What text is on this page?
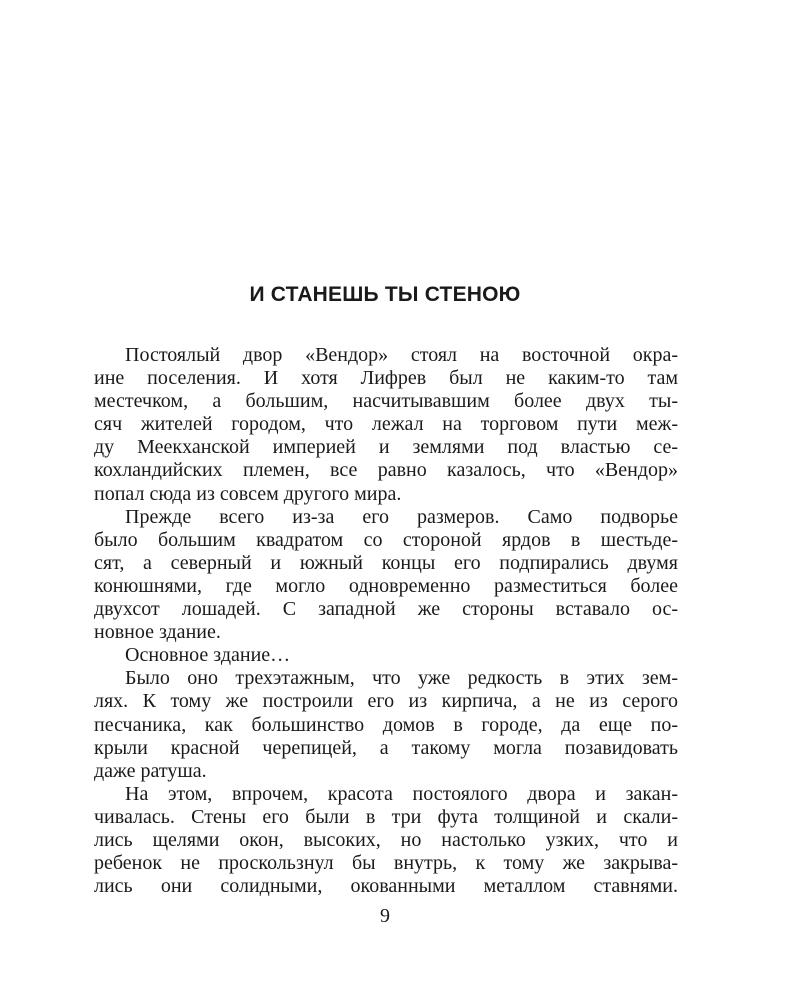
И СТАНЕШЬ ТЫ СТЕНОЮ
Постоялый двор «Вендор» стоял на восточной окра-
ине поселения. И хотя Лифрев был не каким-то там
местечком, а большим, насчитывавшим более двух ты-
сяч жителей городом, что лежал на торговом пути меж-
ду Меекханской империей и землями под властью се-
кохландийских племен, все равно казалось, что «Вендор»
попал сюда из совсем другого мира.
Прежде всего из-за его размеров. Само подворье
было большим квадратом со стороной ярдов в шестьде-
сят, а северный и южный концы его подпирались двумя
конюшнями, где могло одновременно разместиться более
двухсот лошадей. С западной же стороны вставало ос-
новное здание.
Основное здание…
Было оно трехэтажным, что уже редкость в этих зем-
лях. К тому же построили его из кирпича, а не из серого
песчаника, как большинство домов в городе, да еще по-
крыли красной черепицей, а такому могла позавидовать
даже ратуша.
На этом, впрочем, красота постоялого двора и закан-
чивалась. Стены его были в три фута толщиной и скали-
лись щелями окон, высоких, но настолько узких, что и
ребенок не проскользнул бы внутрь, к тому же закрыва-
лись они солидными, окованными металлом ставнями.
9
